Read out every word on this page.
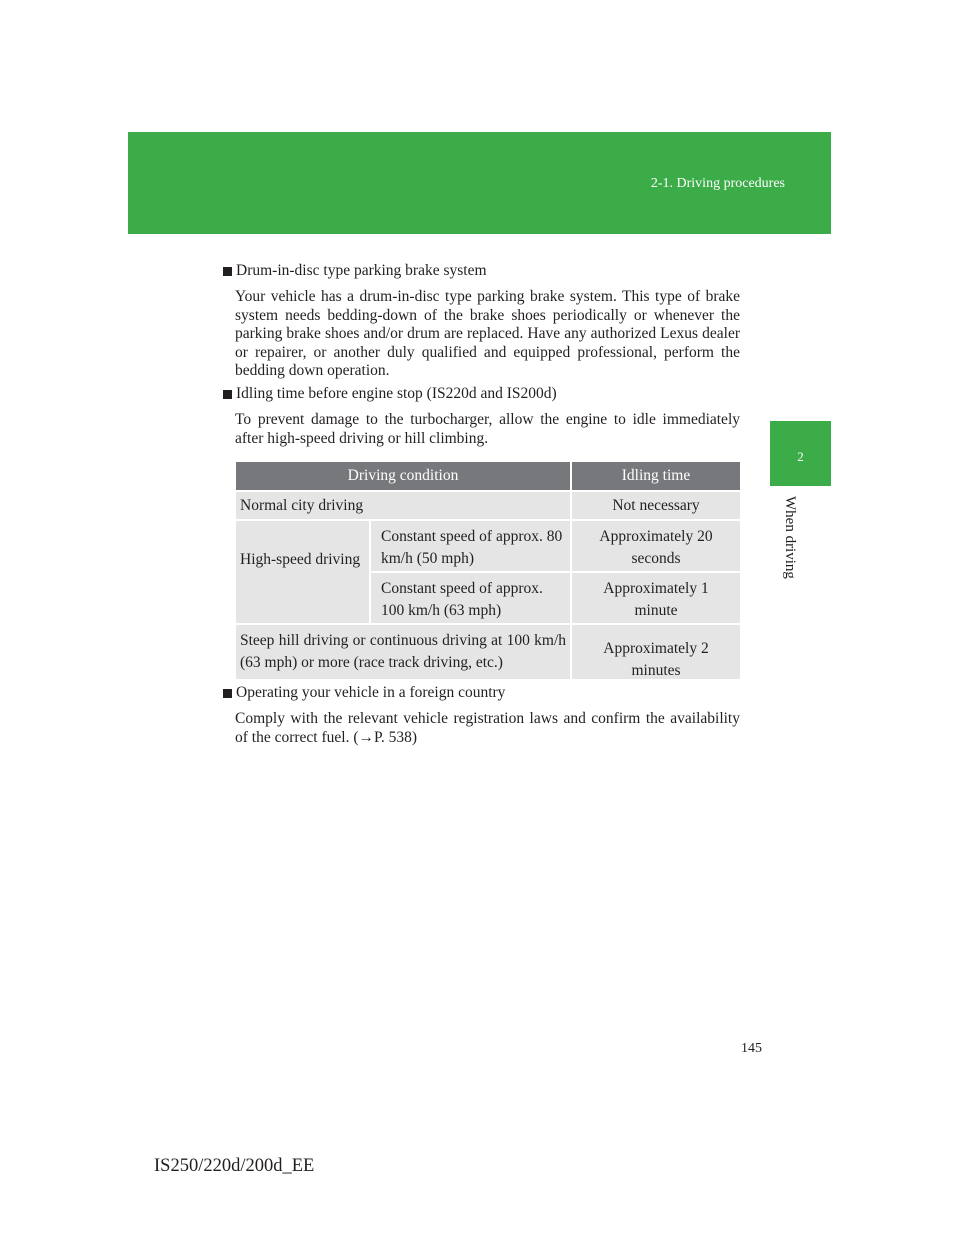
2-1. Driving procedures
2
When driving
Drum-in-disc type parking brake system
Your vehicle has a drum-in-disc type parking brake system. This type of brake system needs bedding-down of the brake shoes periodically or whenever the parking brake shoes and/or drum are replaced. Have any authorized Lexus dealer or repairer, or another duly qualified and equipped professional, perform the bedding down operation.
Idling time before engine stop (IS220d and IS200d)
To prevent damage to the turbocharger, allow the engine to idle immediately after high-speed driving or hill climbing.
Driving condition	Idling time
Normal city driving	Not necessary
High-speed driving
Constant speed of approx. 80 km/h (50 mph)
Approximately 20 seconds
Constant speed of approx. 100 km/h (63 mph)
Approximately 1 minute
Steep hill driving or continuous driving at 100 km/h (63 mph) or more (race track driving, etc.)
Approximately 2 minutes
Operating your vehicle in a foreign country
Comply with the relevant vehicle registration laws and confirm the availability of the correct fuel. (→P. 538)
145
IS250/220d/200d_EE
